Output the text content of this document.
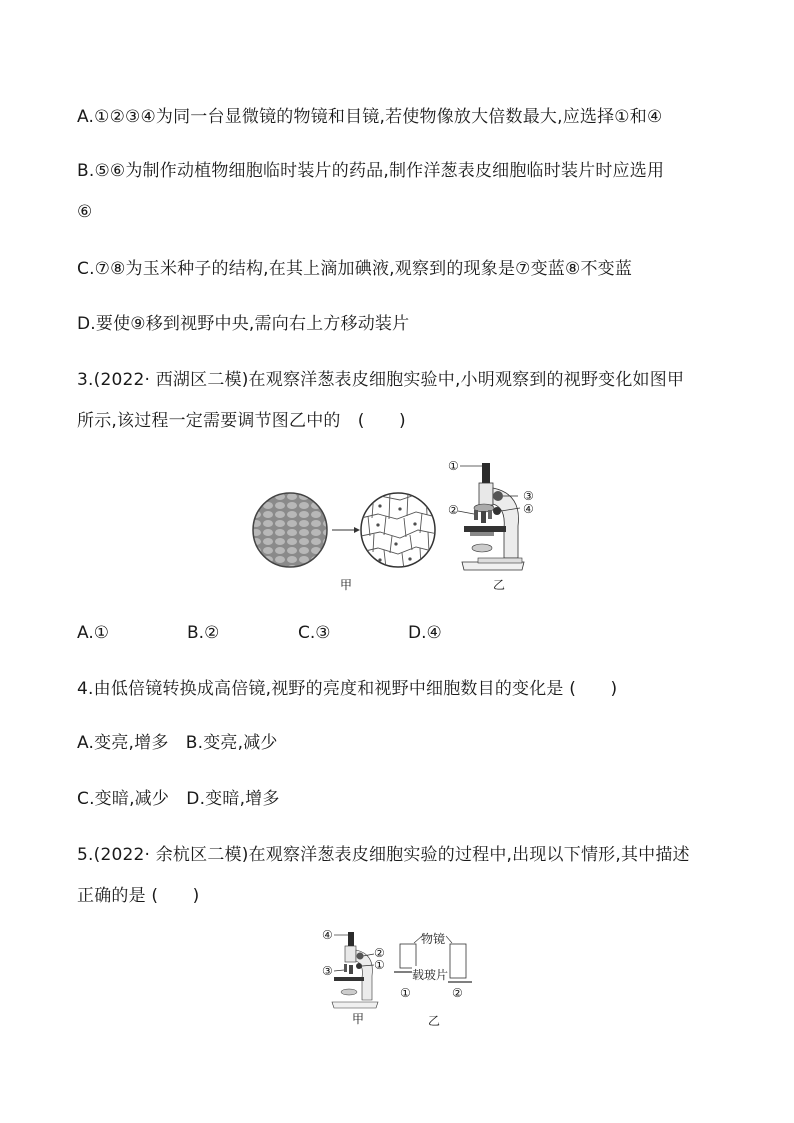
A.①②③④为同一台显微镜的物镜和目镜,若使物像放大倍数最大,应选择①和④
B.⑤⑥为制作动植物细胞临时装片的药品,制作洋葱表皮细胞临时装片时应选用
⑥
C.⑦⑧为玉米种子的结构,在其上滴加碘液,观察到的现象是⑦变蓝⑧不变蓝
D.要使⑨移到视野中央,需向右上方移动装片
3.(2022· 西湖区二模)在观察洋葱表皮细胞实验中,小明观察到的视野变化如图甲
所示,该过程一定需要调节图乙中的　(　　)
甲
①
②
③
④
乙
A.①	B.②	C.③	D.④
4.由低倍镜转换成高倍镜,视野的亮度和视野中细胞数目的变化是 (　　)
A.变亮,增多　B.变亮,减少
C.变暗,减少　D.变暗,增多
5.(2022· 余杭区二模)在观察洋葱表皮细胞实验的过程中,出现以下情形,其中描述
正确的是 (　　)
④
②
③	①
甲
物镜
载玻片
①	②
乙
